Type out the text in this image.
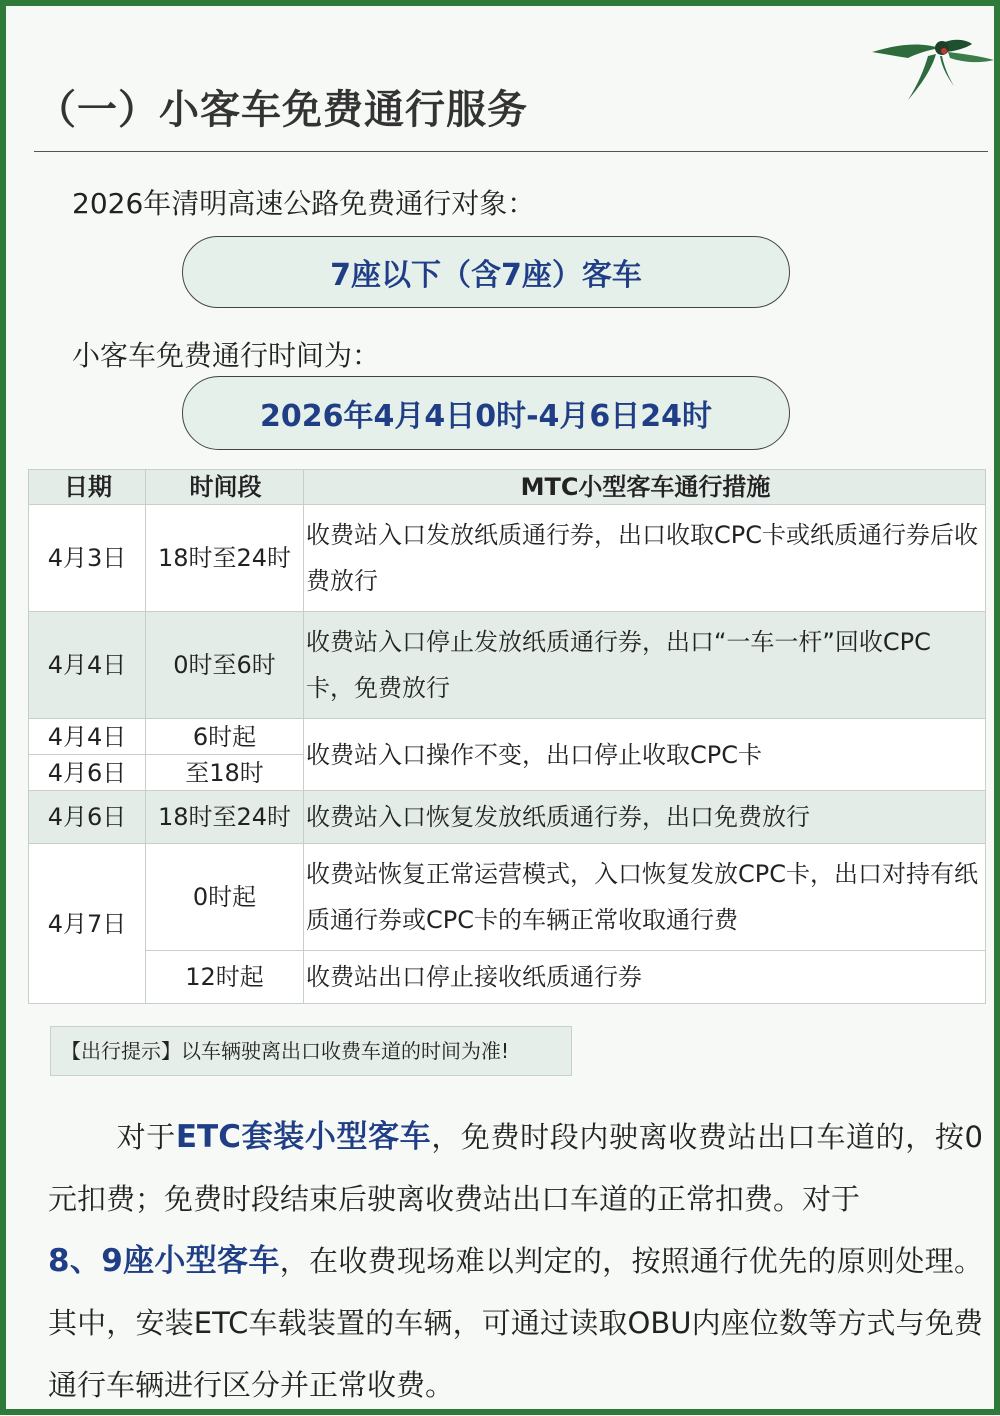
（一）小客车免费通行服务
2026年清明高速公路免费通行对象：
7座以下（含7座）客车
小客车免费通行时间为：
2026年4月4日0时-4月6日24时
日期	时间段	MTC小型客车通行措施
4月3日	18时至24时	收费站入口发放纸质通行券，出口收取CPC卡或纸质通行券后收费放行
4月4日	0时至6时	收费站入口停止发放纸质通行券，出口“一车一杆”回收CPC 卡，免费放行
4月4日	6时起	收费站入口操作不变，出口停止收取CPC卡
4月6日	至18时	
4月6日	18时至24时	收费站入口恢复发放纸质通行券，出口免费放行
4月7日	0时起	收费站恢复正常运营模式，入口恢复发放CPC卡，出口对持有纸质通行券或CPC卡的车辆正常收取通行费
	12时起	收费站出口停止接收纸质通行券
【出行提示】以车辆驶离出口收费车道的时间为准!
对于ETC套装小型客车，免费时段内驶离收费站出口车道的，按0元扣费；免费时段结束后驶离收费站出口车道的正常扣费。对于
8、9座小型客车，在收费现场难以判定的，按照通行优先的原则处理。其中，安装ETC车载装置的车辆，可通过读取OBU内座位数等方式与免费通行车辆进行区分并正常收费。
